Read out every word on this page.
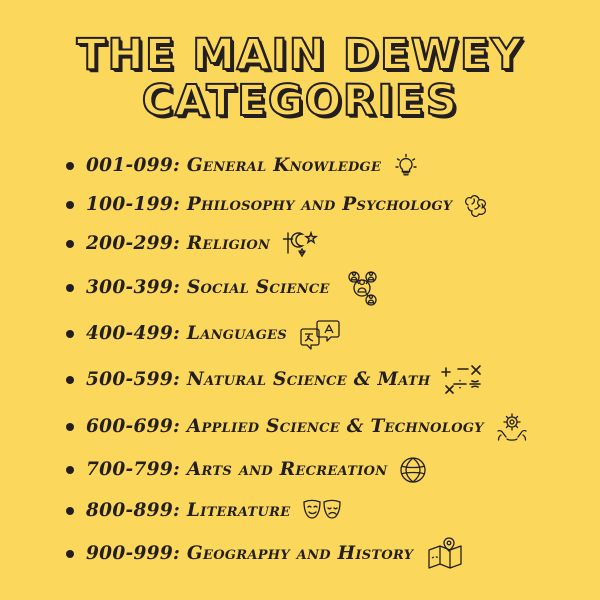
THE MAIN DEWEY
CATEGORIES
001-099: General Knowledge
100-199: Philosophy and Psychology
200-299: Religion
300-399: Social Science
400-499: Languages
500-599: Natural Science & Math
600-699: Applied Science & Technology
700-799: Arts and Recreation
800-899: Literature
900-999: Geography and History
